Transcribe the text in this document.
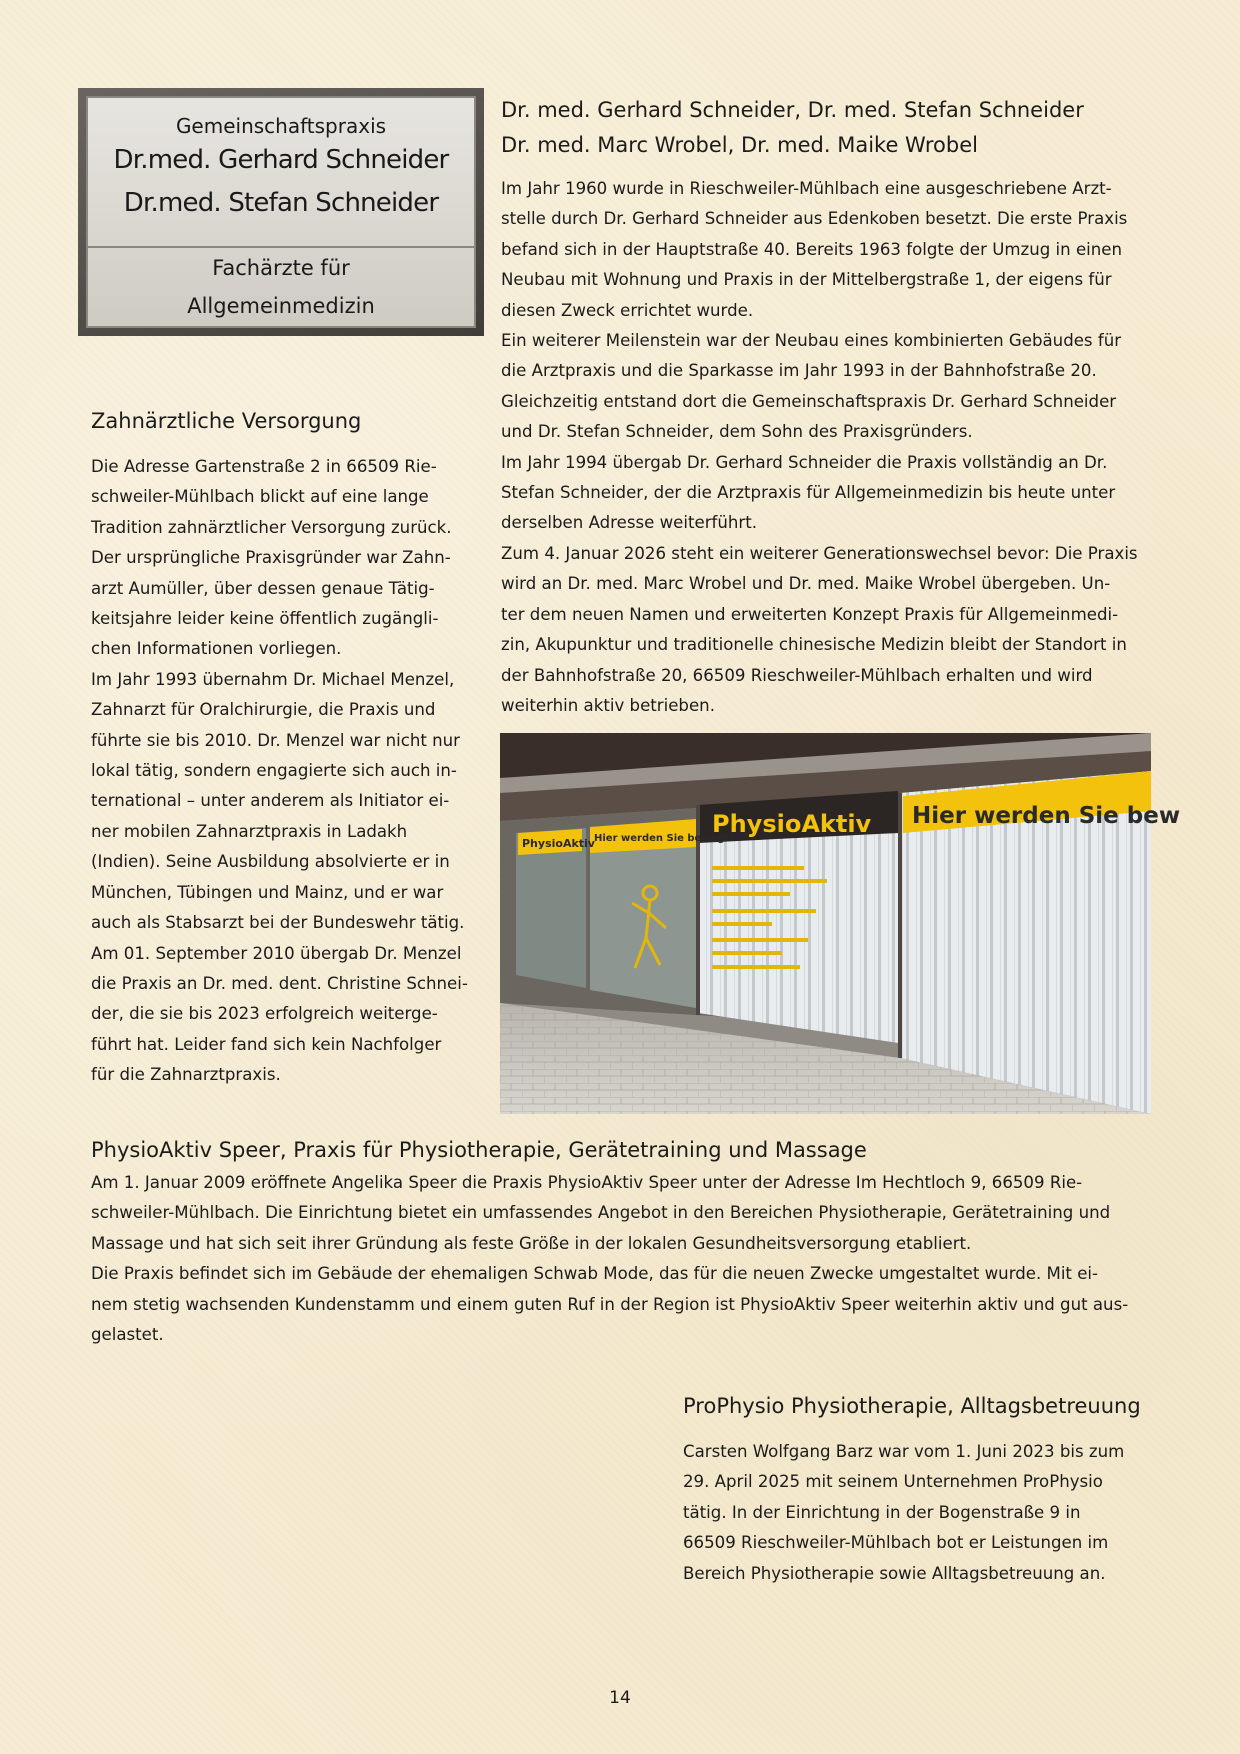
Gemeinschaftspraxis
Dr.med. Gerhard Schneider
Dr.med. Stefan Schneider
Fachärzte für
Allgemeinmedizin
Dr. med. Gerhard Schneider, Dr. med. Stefan Schneider
Dr. med. Marc Wrobel, Dr. med. Maike Wrobel
Im Jahr 1960 wurde in Rieschweiler-Mühlbach eine ausgeschriebene Arzt-
stelle durch Dr. Gerhard Schneider aus Edenkoben besetzt. Die erste Praxis
befand sich in der Hauptstraße 40. Bereits 1963 folgte der Umzug in einen
Neubau mit Wohnung und Praxis in der Mittelbergstraße 1, der eigens für
diesen Zweck errichtet wurde.
Ein weiterer Meilenstein war der Neubau eines kombinierten Gebäudes für
die Arztpraxis und die Sparkasse im Jahr 1993 in der Bahnhofstraße 20.
Gleichzeitig entstand dort die Gemeinschaftspraxis Dr. Gerhard Schneider
und Dr. Stefan Schneider, dem Sohn des Praxisgründers.
Im Jahr 1994 übergab Dr. Gerhard Schneider die Praxis vollständig an Dr.
Stefan Schneider, der die Arztpraxis für Allgemeinmedizin bis heute unter
derselben Adresse weiterführt.
Zum 4. Januar 2026 steht ein weiterer Generationswechsel bevor: Die Praxis
wird an Dr. med. Marc Wrobel und Dr. med. Maike Wrobel übergeben. Un-
ter dem neuen Namen und erweiterten Konzept Praxis für Allgemeinmedi-
zin, Akupunktur und traditionelle chinesische Medizin bleibt der Standort in
der Bahnhofstraße 20, 66509 Rieschweiler-Mühlbach erhalten und wird
weiterhin aktiv betrieben.
Zahnärztliche Versorgung
Die Adresse Gartenstraße 2 in 66509 Rie-
schweiler-Mühlbach blickt auf eine lange
Tradition zahnärztlicher Versorgung zurück.
Der ursprüngliche Praxisgründer war Zahn-
arzt Aumüller, über dessen genaue Tätig-
keitsjahre leider keine öffentlich zugängli-
chen Informationen vorliegen.
Im Jahr 1993 übernahm Dr. Michael Menzel,
Zahnarzt für Oralchirurgie, die Praxis und
führte sie bis 2010. Dr. Menzel war nicht nur
lokal tätig, sondern engagierte sich auch in-
ternational – unter anderem als Initiator ei-
ner mobilen Zahnarztpraxis in Ladakh
(Indien). Seine Ausbildung absolvierte er in
München, Tübingen und Mainz, und er war
auch als Stabsarzt bei der Bundeswehr tätig.
Am 01. September 2010 übergab Dr. Menzel
die Praxis an Dr. med. dent. Christine Schnei-
der, die sie bis 2023 erfolgreich weiterge-
führt hat. Leider fand sich kein Nachfolger
für die Zahnarztpraxis.
PhysioAktiv Hier werden Sie bewegt!
PhysioAktiv Hier werden Sie bew
PhysioAktiv Speer, Praxis für Physiotherapie, Gerätetraining und Massage
Am 1. Januar 2009 eröffnete Angelika Speer die Praxis PhysioAktiv Speer unter der Adresse Im Hechtloch 9, 66509 Rie-
schweiler-Mühlbach. Die Einrichtung bietet ein umfassendes Angebot in den Bereichen Physiotherapie, Gerätetraining und
Massage und hat sich seit ihrer Gründung als feste Größe in der lokalen Gesundheitsversorgung etabliert.
Die Praxis befindet sich im Gebäude der ehemaligen Schwab Mode, das für die neuen Zwecke umgestaltet wurde. Mit ei-
nem stetig wachsenden Kundenstamm und einem guten Ruf in der Region ist PhysioAktiv Speer weiterhin aktiv und gut aus-
gelastet.
ProPhysio Physiotherapie, Alltagsbetreuung
Carsten Wolfgang Barz war vom 1. Juni 2023 bis zum
29. April 2025 mit seinem Unternehmen ProPhysio
tätig. In der Einrichtung in der Bogenstraße 9 in
66509 Rieschweiler-Mühlbach bot er Leistungen im
Bereich Physiotherapie sowie Alltagsbetreuung an.
14
